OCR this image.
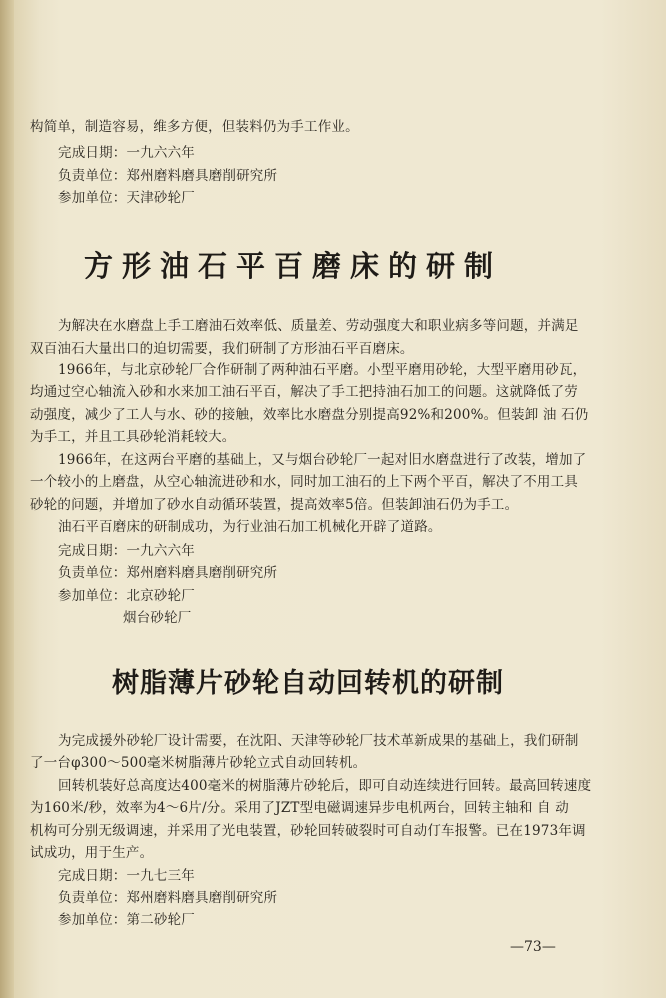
构简单，制造容易，维多方便，但装料仍为手工作业。
完成日期：一九六六年
负责单位：郑州磨料磨具磨削研究所
参加单位：天津砂轮厂
方形油石平百磨床的研制
为解决在水磨盘上手工磨油石效率低、质量差、劳动强度大和职业病多等问题，并满足
双百油石大量出口的迫切需要，我们研制了方形油石平百磨床。
1966年，与北京砂轮厂合作研制了两种油石平磨。小型平磨用砂轮，大型平磨用砂瓦，
均通过空心轴流入砂和水来加工油石平百，解决了手工把持油石加工的问题。这就降低了劳
动强度，减少了工人与水、砂的接触，效率比水磨盘分别提高92%和200%。但装卸 油 石仍
为手工，并且工具砂轮消耗较大。
1966年，在这两台平磨的基础上，又与烟台砂轮厂一起对旧水磨盘进行了改装，增加了
一个较小的上磨盘，从空心轴流进砂和水，同时加工油石的上下两个平百，解决了不用工具
砂轮的问题，并增加了砂水自动循环装置，提高效率5倍。但装卸油石仍为手工。
油石平百磨床的研制成功，为行业油石加工机械化开辟了道路。
完成日期：一九六六年
负责单位：郑州磨料磨具磨削研究所
参加单位：北京砂轮厂
烟台砂轮厂
树脂薄片砂轮自动回转机的研制
为完成援外砂轮厂设计需要，在沈阳、天津等砂轮厂技术革新成果的基础上，我们研制
了一台φ300～500毫米树脂薄片砂轮立式自动回转机。
回转机装好总高度达400毫米的树脂薄片砂轮后，即可自动连续进行回转。最高回转速度
为160米/秒，效率为4～6片/分。采用了JZT型电磁调速异步电机两台，回转主轴和 自 动
机构可分别无级调速，并采用了光电装置，砂轮回转破裂时可自动仃车报警。已在1973年调
试成功，用于生产。
完成日期：一九七三年
负责单位：郑州磨料磨具磨削研究所
参加单位：第二砂轮厂
—73—
